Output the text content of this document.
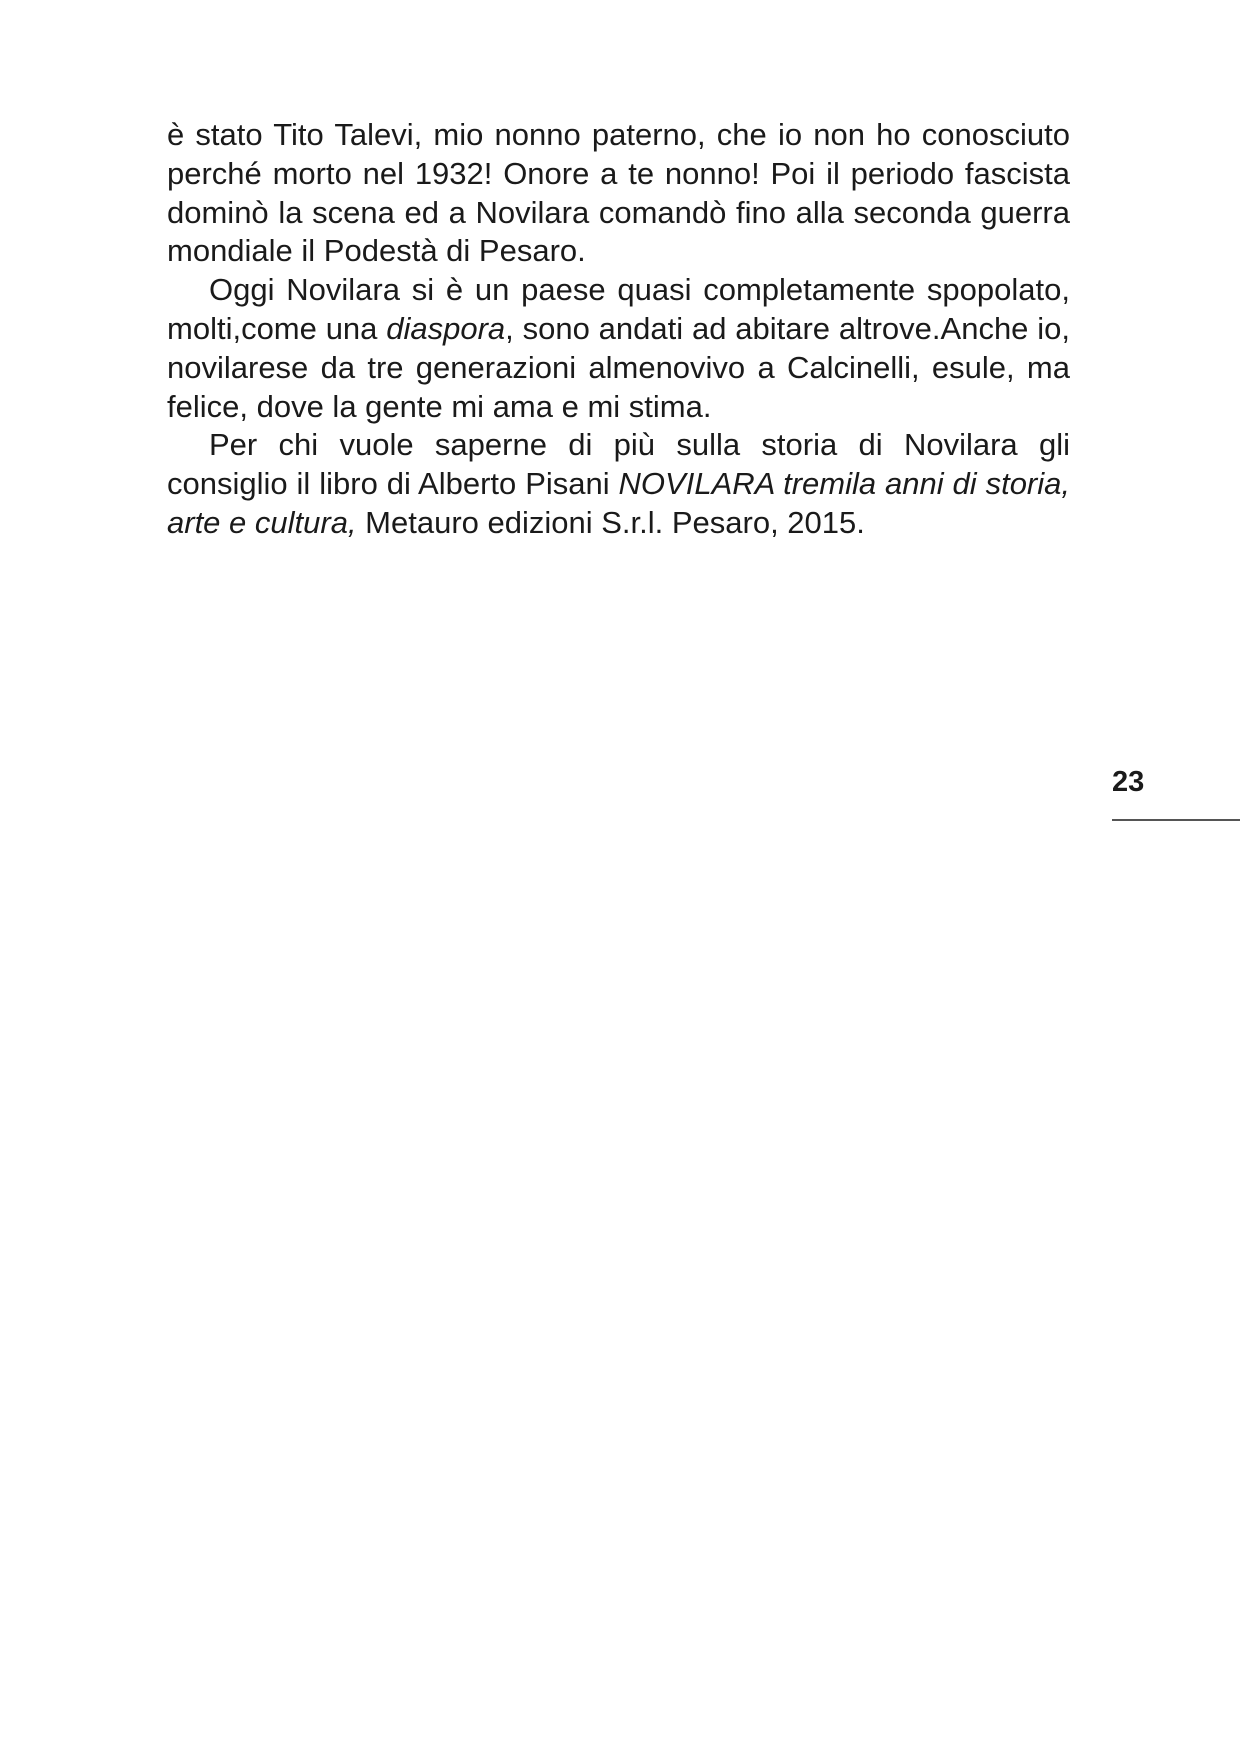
è stato Tito Talevi, mio nonno paterno, che io non ho conosciuto perché morto nel 1932! Onore a te nonno! Poi il periodo fascista dominò la scena ed a Novilara comandò fino alla seconda guerra mondiale il Podestà di Pesaro.

Oggi Novilara si è un paese quasi completamente spopolato, molti,come una diaspora, sono andati ad abitare altrove.Anche io, novilarese da tre generazioni almenovivo a Calcinelli, esule, ma felice, dove la gente mi ama e mi stima.

Per chi vuole saperne di più sulla storia di Novilara gli consiglio il libro di Alberto Pisani NOVILARA tremila anni di storia, arte e cultura, Metauro edizioni S.r.l. Pesaro, 2015.

23
